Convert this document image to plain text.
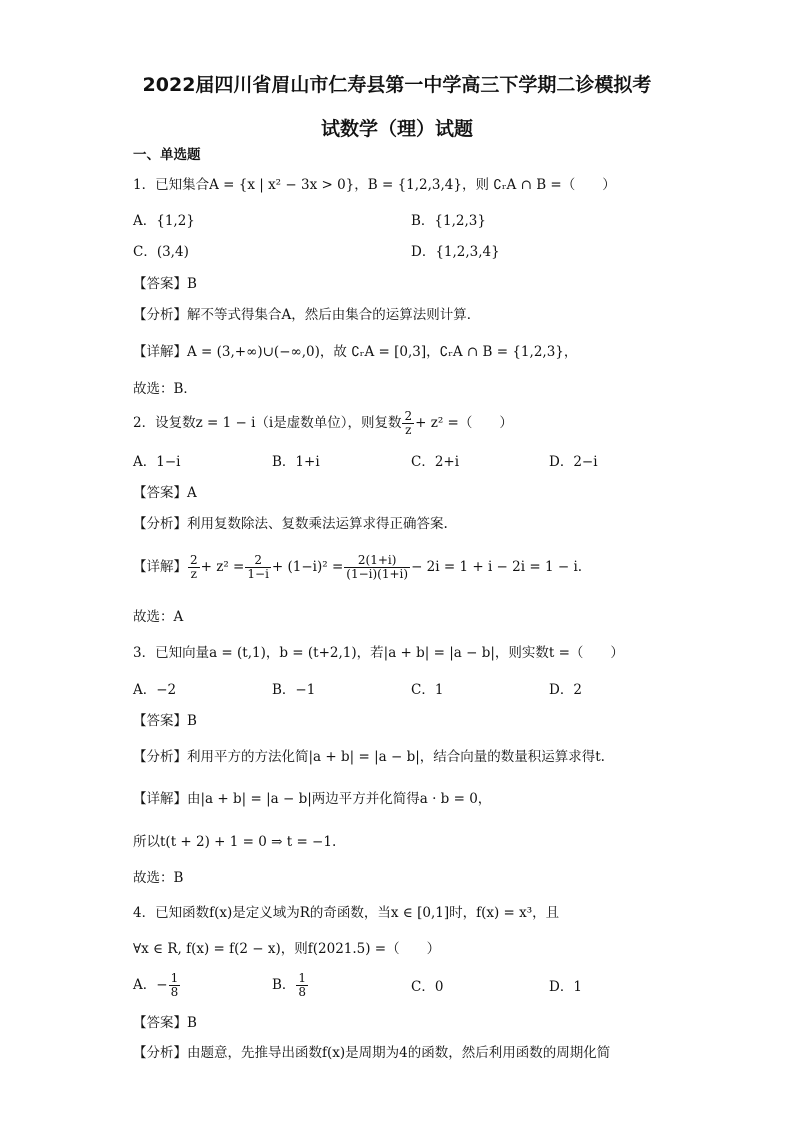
2022届四川省眉山市仁寿县第一中学高三下学期二诊模拟考
试数学（理）试题
一、单选题
1．已知集合A = {x | x² − 3x > 0}，B = {1,2,3,4}，则 ∁ᵣA ∩ B =（　　）
A．{1,2}	B．{1,2,3}
C．(3,4)	D．{1,2,3,4}
【答案】B
【分析】解不等式得集合A，然后由集合的运算法则计算．
【详解】A = (3,+∞)∪(−∞,0)，故 ∁ᵣA = [0,3]，∁ᵣA ∩ B = {1,2,3}，
故选：B．
2．设复数z = 1 − i（i是虚数单位），则复数 $\frac{2}{z} + z^2$ =（　　）
A．1−i	B．1+i	C．2+i	D．2−i
【答案】A
【分析】利用复数除法、复数乘法运算求得正确答案.
【详解】 $\frac{2}{z} + z^2 = \frac{2}{1-i} + (1-i)^2 = \frac{2(1+i)}{(1-i)(1+i)} - 2i = 1 + i - 2i = 1 - i$.
故选：A
3．已知向量a = (t,1)，b = (t+2,1)，若|a + b| = |a − b|，则实数t =（　　）
A．−2	B．−1	C．1	D．2
【答案】B
【分析】利用平方的方法化简|a + b| = |a − b|，结合向量的数量积运算求得t.
【详解】由|a + b| = |a − b|两边平方并化简得a · b = 0，
所以t(t + 2) + 1 = 0 ⇒ t = −1.
故选：B
4．已知函数f(x)是定义域为R的奇函数，当x ∈ [0,1]时，f(x) = x³，且
∀x ∈ R, f(x) = f(2 − x)，则f(2021.5) =（　　）
A．− $\frac{1}{8}$	B． $\frac{1}{8}$	C．0	D．1
【答案】B
【分析】由题意，先推导出函数f(x)是周期为4的函数，然后利用函数的周期化简
